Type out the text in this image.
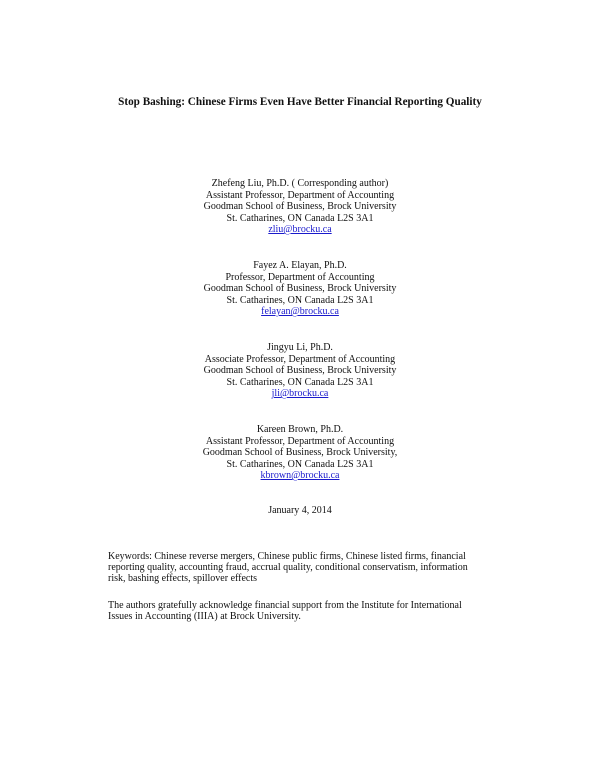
Stop Bashing: Chinese Firms Even Have Better Financial Reporting Quality
Zhefeng Liu, Ph.D. ( Corresponding author)
Assistant Professor, Department of Accounting
Goodman School of Business, Brock University
St. Catharines, ON Canada L2S 3A1
zliu@brocku.ca
Fayez A. Elayan, Ph.D.
Professor, Department of Accounting
Goodman School of Business, Brock University
St. Catharines, ON Canada L2S 3A1
felayan@brocku.ca
Jingyu Li, Ph.D.
Associate Professor, Department of Accounting
Goodman School of Business, Brock University
St. Catharines, ON Canada L2S 3A1
jli@brocku.ca
Kareen Brown, Ph.D.
Assistant Professor, Department of Accounting
Goodman School of Business, Brock University,
St. Catharines, ON Canada L2S 3A1
kbrown@brocku.ca
January 4, 2014
Keywords: Chinese reverse mergers, Chinese public firms, Chinese listed firms, financial reporting quality, accounting fraud, accrual quality, conditional conservatism, information risk, bashing effects, spillover effects
The authors gratefully acknowledge financial support from the Institute for International Issues in Accounting (IIIA) at Brock University.
